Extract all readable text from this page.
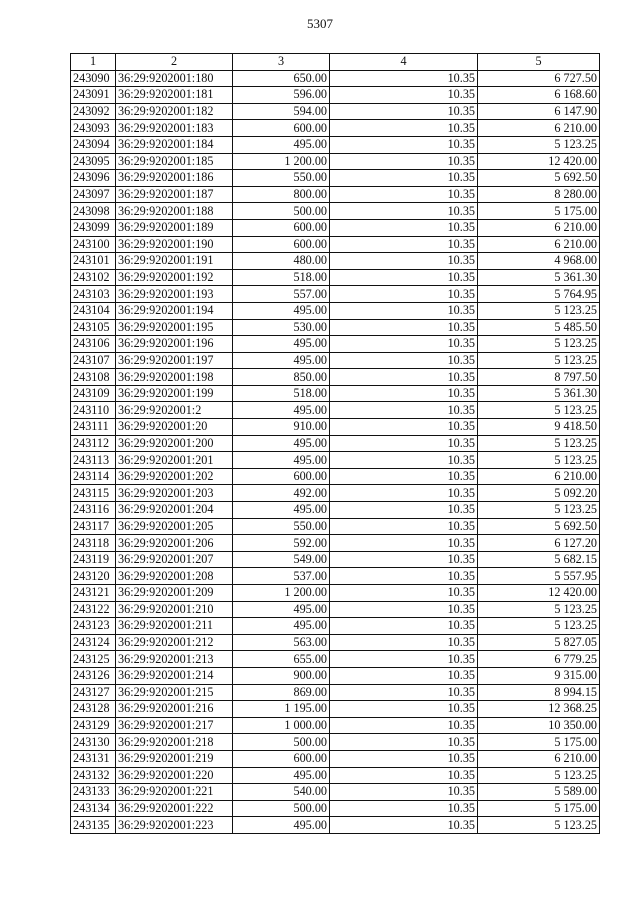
5307
1	2	3	4	5
243090	36:29:9202001:180	650.00	10.35	6 727.50
243091	36:29:9202001:181	596.00	10.35	6 168.60
243092	36:29:9202001:182	594.00	10.35	6 147.90
243093	36:29:9202001:183	600.00	10.35	6 210.00
243094	36:29:9202001:184	495.00	10.35	5 123.25
243095	36:29:9202001:185	1 200.00	10.35	12 420.00
243096	36:29:9202001:186	550.00	10.35	5 692.50
243097	36:29:9202001:187	800.00	10.35	8 280.00
243098	36:29:9202001:188	500.00	10.35	5 175.00
243099	36:29:9202001:189	600.00	10.35	6 210.00
243100	36:29:9202001:190	600.00	10.35	6 210.00
243101	36:29:9202001:191	480.00	10.35	4 968.00
243102	36:29:9202001:192	518.00	10.35	5 361.30
243103	36:29:9202001:193	557.00	10.35	5 764.95
243104	36:29:9202001:194	495.00	10.35	5 123.25
243105	36:29:9202001:195	530.00	10.35	5 485.50
243106	36:29:9202001:196	495.00	10.35	5 123.25
243107	36:29:9202001:197	495.00	10.35	5 123.25
243108	36:29:9202001:198	850.00	10.35	8 797.50
243109	36:29:9202001:199	518.00	10.35	5 361.30
243110	36:29:9202001:2	495.00	10.35	5 123.25
243111	36:29:9202001:20	910.00	10.35	9 418.50
243112	36:29:9202001:200	495.00	10.35	5 123.25
243113	36:29:9202001:201	495.00	10.35	5 123.25
243114	36:29:9202001:202	600.00	10.35	6 210.00
243115	36:29:9202001:203	492.00	10.35	5 092.20
243116	36:29:9202001:204	495.00	10.35	5 123.25
243117	36:29:9202001:205	550.00	10.35	5 692.50
243118	36:29:9202001:206	592.00	10.35	6 127.20
243119	36:29:9202001:207	549.00	10.35	5 682.15
243120	36:29:9202001:208	537.00	10.35	5 557.95
243121	36:29:9202001:209	1 200.00	10.35	12 420.00
243122	36:29:9202001:210	495.00	10.35	5 123.25
243123	36:29:9202001:211	495.00	10.35	5 123.25
243124	36:29:9202001:212	563.00	10.35	5 827.05
243125	36:29:9202001:213	655.00	10.35	6 779.25
243126	36:29:9202001:214	900.00	10.35	9 315.00
243127	36:29:9202001:215	869.00	10.35	8 994.15
243128	36:29:9202001:216	1 195.00	10.35	12 368.25
243129	36:29:9202001:217	1 000.00	10.35	10 350.00
243130	36:29:9202001:218	500.00	10.35	5 175.00
243131	36:29:9202001:219	600.00	10.35	6 210.00
243132	36:29:9202001:220	495.00	10.35	5 123.25
243133	36:29:9202001:221	540.00	10.35	5 589.00
243134	36:29:9202001:222	500.00	10.35	5 175.00
243135	36:29:9202001:223	495.00	10.35	5 123.25
